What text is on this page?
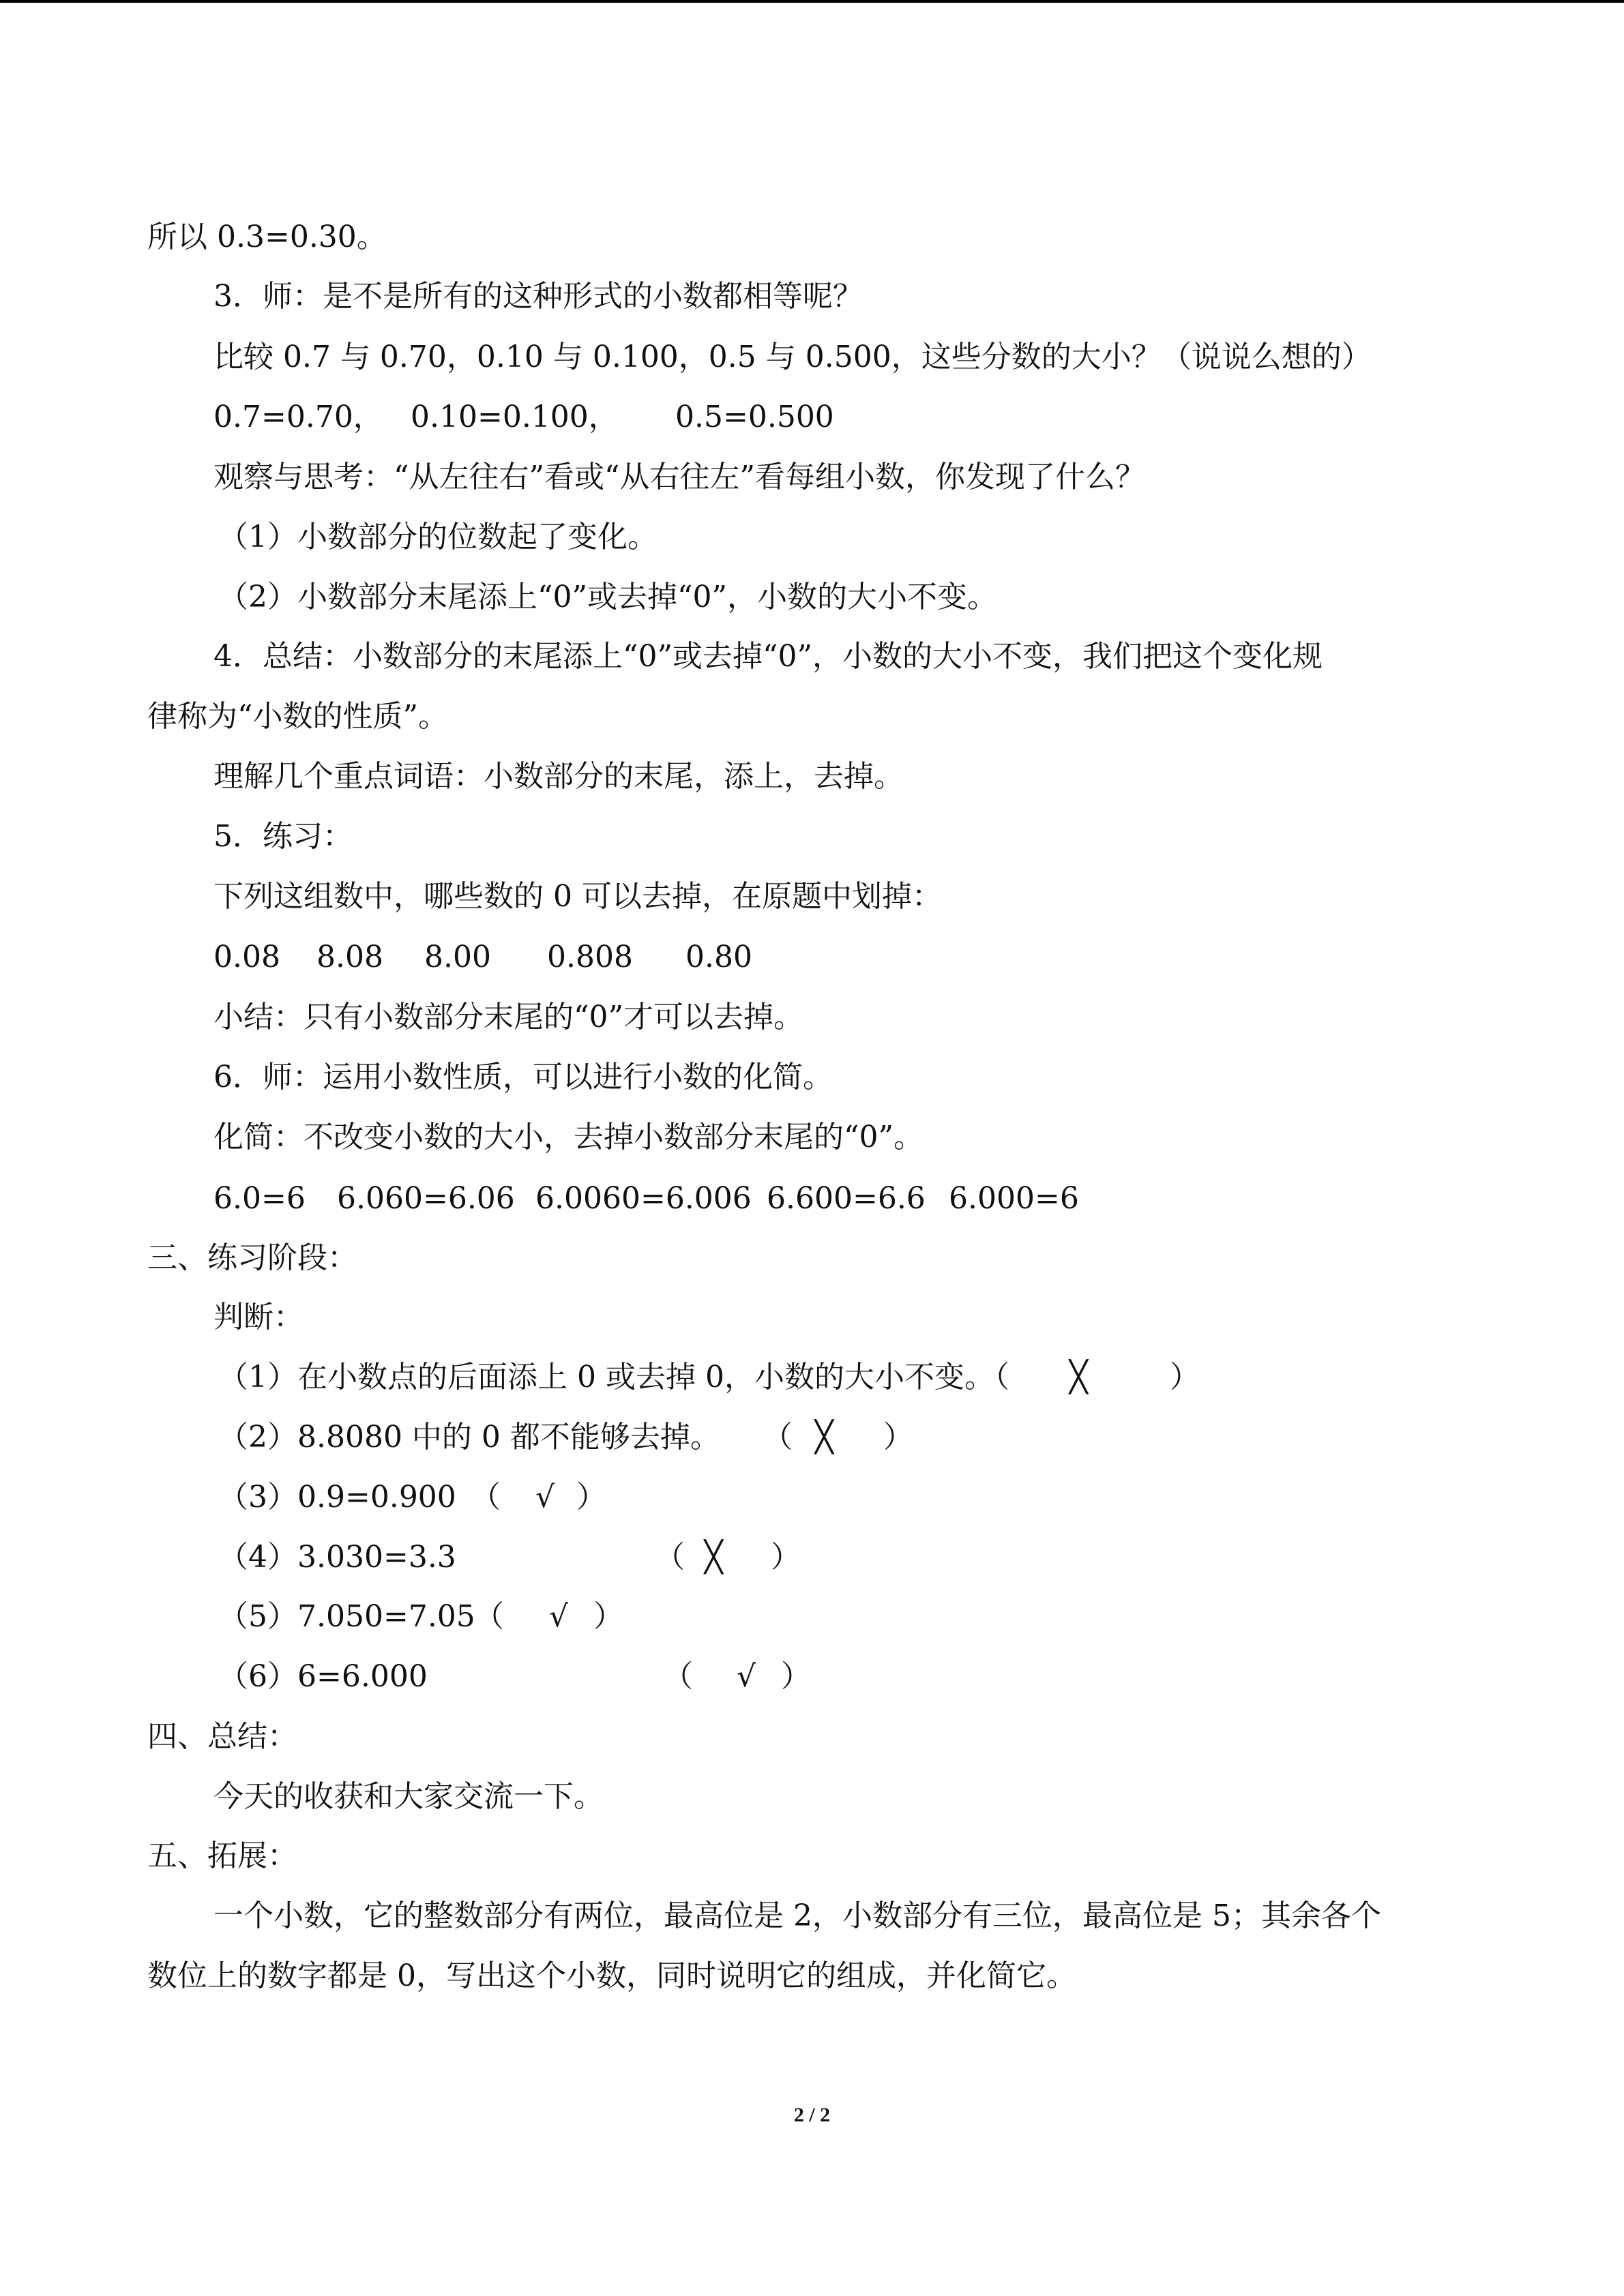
所以 0.3=0.30。
3．师：是不是所有的这种形式的小数都相等呢？
比较 0.7 与 0.70，0.10 与 0.100，0.5 与 0.500，这些分数的大小？（说说么想的）
0.7=0.70， 0.10=0.100， 0.5=0.500
观察与思考：“从左往右”看或“从右往左”看每组小数，你发现了什么？
（1）小数部分的位数起了变化。
（2）小数部分末尾添上“0”或去掉“0”，小数的大小不变。
4．总结：小数部分的末尾添上“0”或去掉“0”，小数的大小不变，我们把这个变化规
律称为“小数的性质”。
理解几个重点词语：小数部分的末尾，添上，去掉。
5．练习：
下列这组数中，哪些数的 0 可以去掉，在原题中划掉：
0.08 8.08 8.00 0.808 0.80
小结：只有小数部分末尾的“0”才可以去掉。
6．师：运用小数性质，可以进行小数的化简。
化简：不改变小数的大小，去掉小数部分末尾的“0”。
6.0=6 6.060=6.06 6.0060=6.006 6.600=6.6 6.000=6
三、练习阶段：
判断：
（1）在小数点的后面添上 0 或去掉 0，小数的大小不变。（ ╳	）
（2）8.8080 中的 0 都不能够去掉。 （ ╳ ）
（3）0.9=0.900 （ √ ）
（4）3.030=3.3	（ ╳ ）
（5）7.050=7.05
（ √ ）
（6）6=6.000	（ √ ）
四、总结：
今天的收获和大家交流一下。
五、拓展：
一个小数，它的整数部分有两位，最高位是 2，小数部分有三位，最高位是 5；其余各个
数位上的数字都是 0，写出这个小数，同时说明它的组成，并化简它。
2 / 2
